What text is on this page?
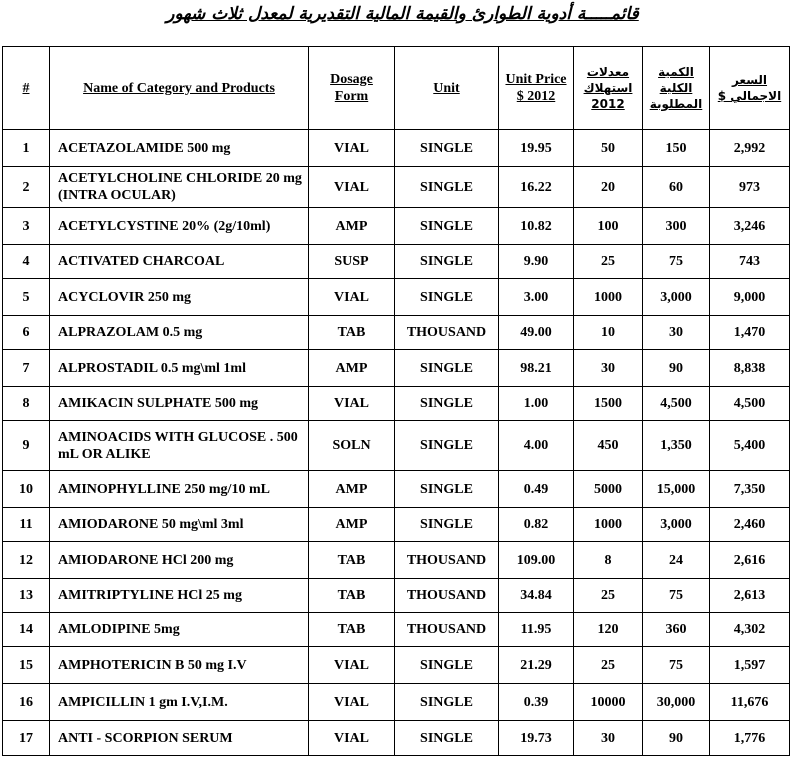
قائمـــــة أدوية الطوارئ والقيمة المالية التقديرية لمعدل ثلاث شهور
#	Name of Category and Products	Dosage Form	Unit	Unit Price $ 2012	معدلات استهلاك 2012	الكمية الكلية المطلوبة	السعر الاجمالي $
1	ACETAZOLAMIDE 500 mg	VIAL	SINGLE	19.95	50	150	2,992
2	ACETYLCHOLINE CHLORIDE 20 mg (INTRA OCULAR)	VIAL	SINGLE	16.22	20	60	973
3	ACETYLCYSTINE 20% (2g/10ml)	AMP	SINGLE	10.82	100	300	3,246
4	ACTIVATED CHARCOAL	SUSP	SINGLE	9.90	25	75	743
5	ACYCLOVIR 250 mg	VIAL	SINGLE	3.00	1000	3,000	9,000
6	ALPRAZOLAM 0.5 mg	TAB	THOUSAND	49.00	10	30	1,470
7	ALPROSTADIL 0.5 mg\ml 1ml	AMP	SINGLE	98.21	30	90	8,838
8	AMIKACIN SULPHATE 500 mg	VIAL	SINGLE	1.00	1500	4,500	4,500
9	AMINOACIDS WITH GLUCOSE . 500 mL OR ALIKE	SOLN	SINGLE	4.00	450	1,350	5,400
10	AMINOPHYLLINE 250 mg/10 mL	AMP	SINGLE	0.49	5000	15,000	7,350
11	AMIODARONE 50 mg\ml 3ml	AMP	SINGLE	0.82	1000	3,000	2,460
12	AMIODARONE HCl 200 mg	TAB	THOUSAND	109.00	8	24	2,616
13	AMITRIPTYLINE HCl 25 mg	TAB	THOUSAND	34.84	25	75	2,613
14	AMLODIPINE 5mg	TAB	THOUSAND	11.95	120	360	4,302
15	AMPHOTERICIN B 50 mg I.V	VIAL	SINGLE	21.29	25	75	1,597
16	AMPICILLIN 1 gm I.V,I.M.	VIAL	SINGLE	0.39	10000	30,000	11,676
17	ANTI - SCORPION SERUM	VIAL	SINGLE	19.73	30	90	1,776
